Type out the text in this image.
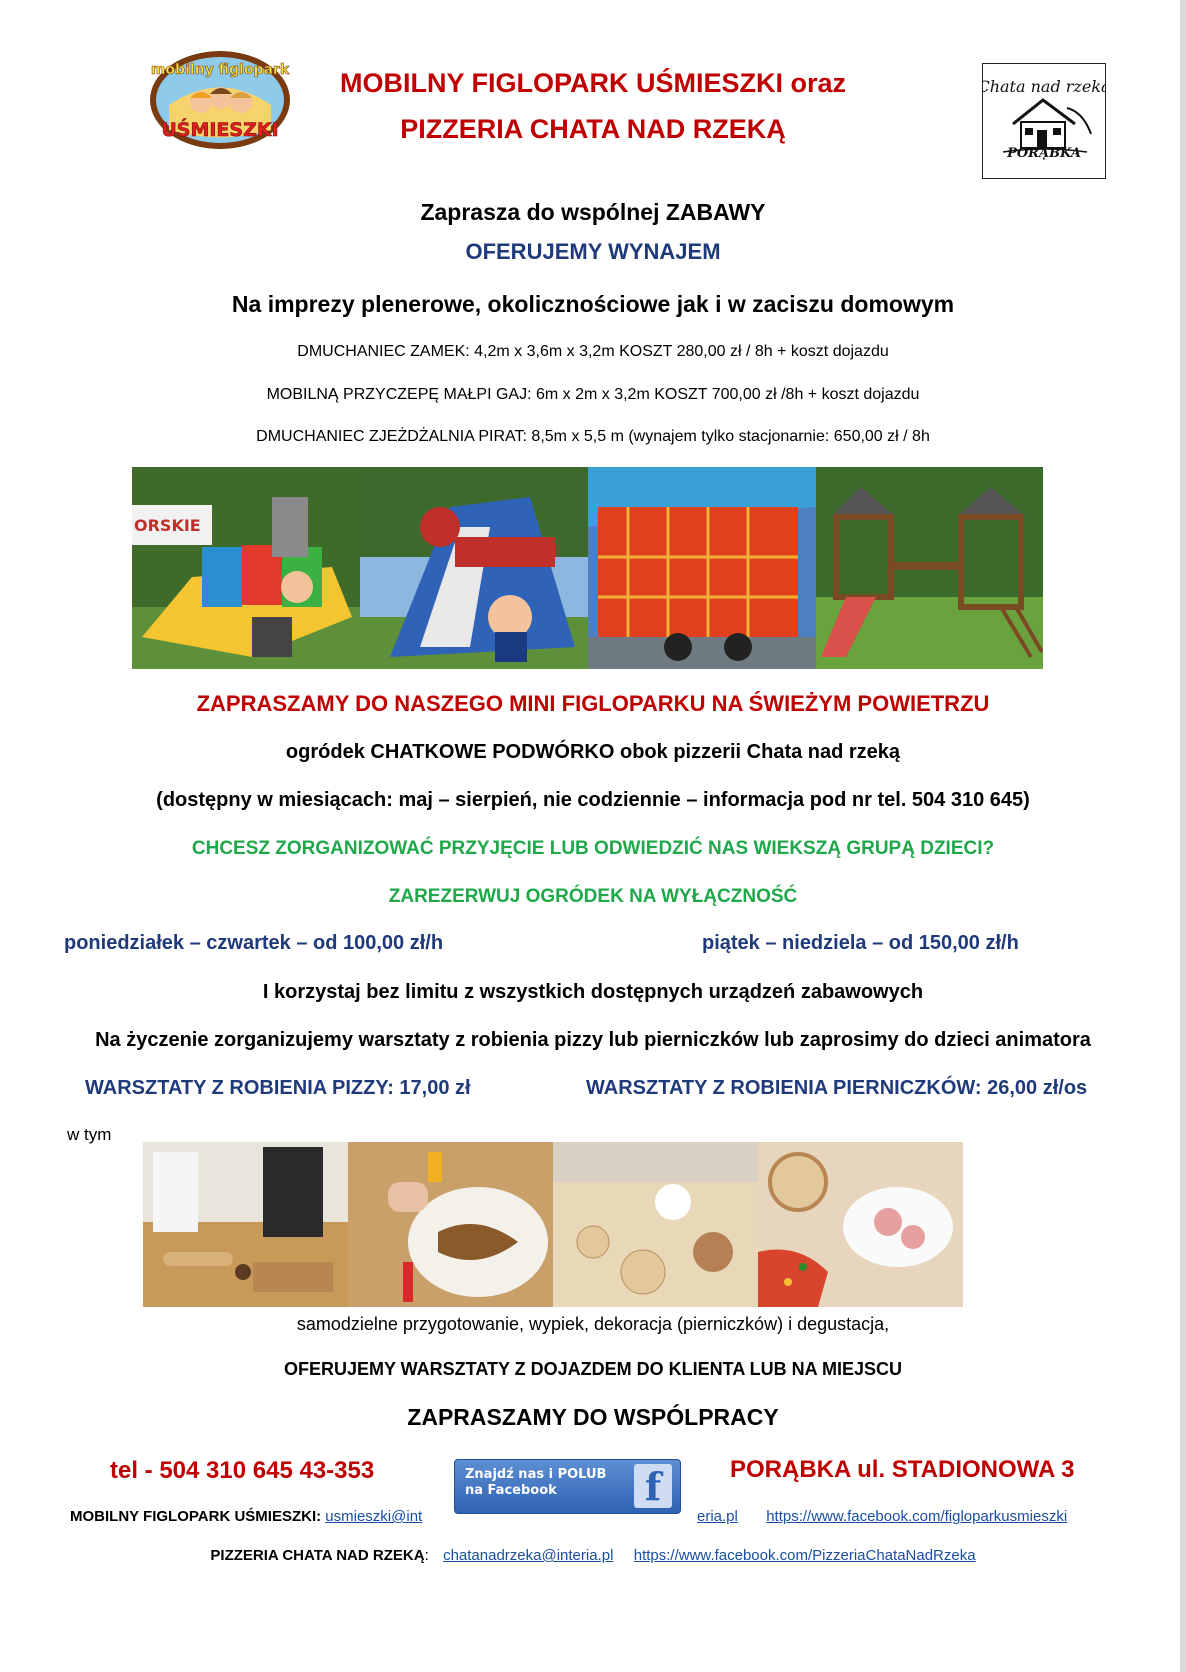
mobilny figlopark
UŚMIESZKI
MOBILNY FIGLOPARK UŚMIESZKI oraz
PIZZERIA CHATA NAD RZEKĄ
Chata nad rzeką
PORĄBKA
Zaprasza do wspólnej ZABAWY
OFERUJEMY WYNAJEM
Na imprezy plenerowe, okolicznościowe jak i w zaciszu domowym
DMUCHANIEC ZAMEK: 4,2m x 3,6m x 3,2m KOSZT 280,00 zł / 8h + koszt dojazdu
MOBILNĄ PRZYCZEPĘ MAŁPI GAJ: 6m x 2m x 3,2m KOSZT 700,00 zł /8h + koszt dojazdu
DMUCHANIEC ZJEŻDŻALNIA PIRAT: 8,5m x 5,5 m (wynajem tylko stacjonarnie: 650,00 zł / 8h
ORSKIE
ZAPRASZAMY DO NASZEGO MINI FIGLOPARKU NA ŚWIEŻYM POWIETRZU
ogródek CHATKOWE PODWÓRKO obok pizzerii Chata nad rzeką
(dostępny w miesiącach: maj – sierpień, nie codziennie – informacja pod nr tel. 504 310 645)
CHCESZ ZORGANIZOWAĆ PRZYJĘCIE LUB ODWIEDZIĆ NAS WIEKSZĄ GRUPĄ DZIECI?
ZAREZERWUJ OGRÓDEK NA WYŁĄCZNOŚĆ
poniedziałek – czwartek – od 100,00 zł/h	piątek – niedziela – od 150,00 zł/h
I korzystaj bez limitu z wszystkich dostępnych urządzeń zabawowych
Na życzenie zorganizujemy warsztaty z robienia pizzy lub pierniczków lub zaprosimy do dzieci animatora
WARSZTATY Z ROBIENIA PIZZY: 17,00 zł	WARSZTATY Z ROBIENIA PIERNICZKÓW: 26,00 zł/os
w tym
samodzielne przygotowanie, wypiek, dekoracja (pierniczków) i degustacja,
OFERUJEMY WARSZTATY Z DOJAZDEM DO KLIENTA LUB NA MIEJSCU
ZAPRASZAMY DO WSPÓLPRACY
tel - 504 310 645 43-353	Znajdź nas i POLUB
na Facebook	f	PORĄBKA ul. STADIONOWA 3
MOBILNY FIGLOPARK UŚMIESZKI: usmieszki@int	eria.pl https://www.facebook.com/figloparkusmieszki
PIZZERIA CHATA NAD RZEKĄ: chatanadrzeka@interia.pl https://www.facebook.com/PizzeriaChataNadRzeka
